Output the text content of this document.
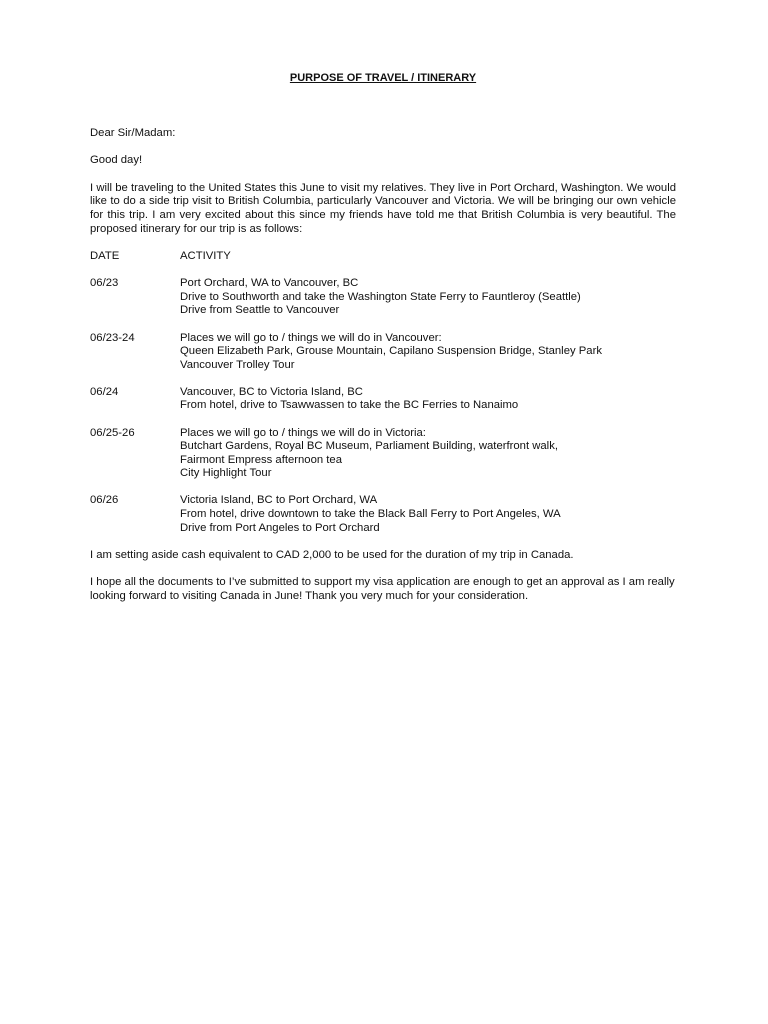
PURPOSE OF TRAVEL / ITINERARY
Dear Sir/Madam:
Good day!
I will be traveling to the United States this June to visit my relatives. They live in Port Orchard, Washington. We would like to do a side trip visit to British Columbia, particularly Vancouver and Victoria. We will be bringing our own vehicle for this trip. I am very excited about this since my friends have told me that British Columbia is very beautiful. The proposed itinerary for our trip is as follows:
DATE	ACTIVITY
06/23	Port Orchard, WA to Vancouver, BC
Drive to Southworth and take the Washington State Ferry to Fauntleroy (Seattle)
Drive from Seattle to Vancouver
06/23-24	Places we will go to / things we will do in Vancouver:
Queen Elizabeth Park, Grouse Mountain, Capilano Suspension Bridge, Stanley Park
Vancouver Trolley Tour
06/24	Vancouver, BC to Victoria Island, BC
From hotel, drive to Tsawwassen to take the BC Ferries to Nanaimo
06/25-26	Places we will go to / things we will do in Victoria:
Butchart Gardens, Royal BC Museum, Parliament Building, waterfront walk,
Fairmont Empress afternoon tea
City Highlight Tour
06/26	Victoria Island, BC to Port Orchard, WA
From hotel, drive downtown to take the Black Ball Ferry to Port Angeles, WA
Drive from Port Angeles to Port Orchard
I am setting aside cash equivalent to CAD 2,000 to be used for the duration of my trip in Canada.
I hope all the documents to I’ve submitted to support my visa application are enough to get an approval as I am really looking forward to visiting Canada in June! Thank you very much for your consideration.
